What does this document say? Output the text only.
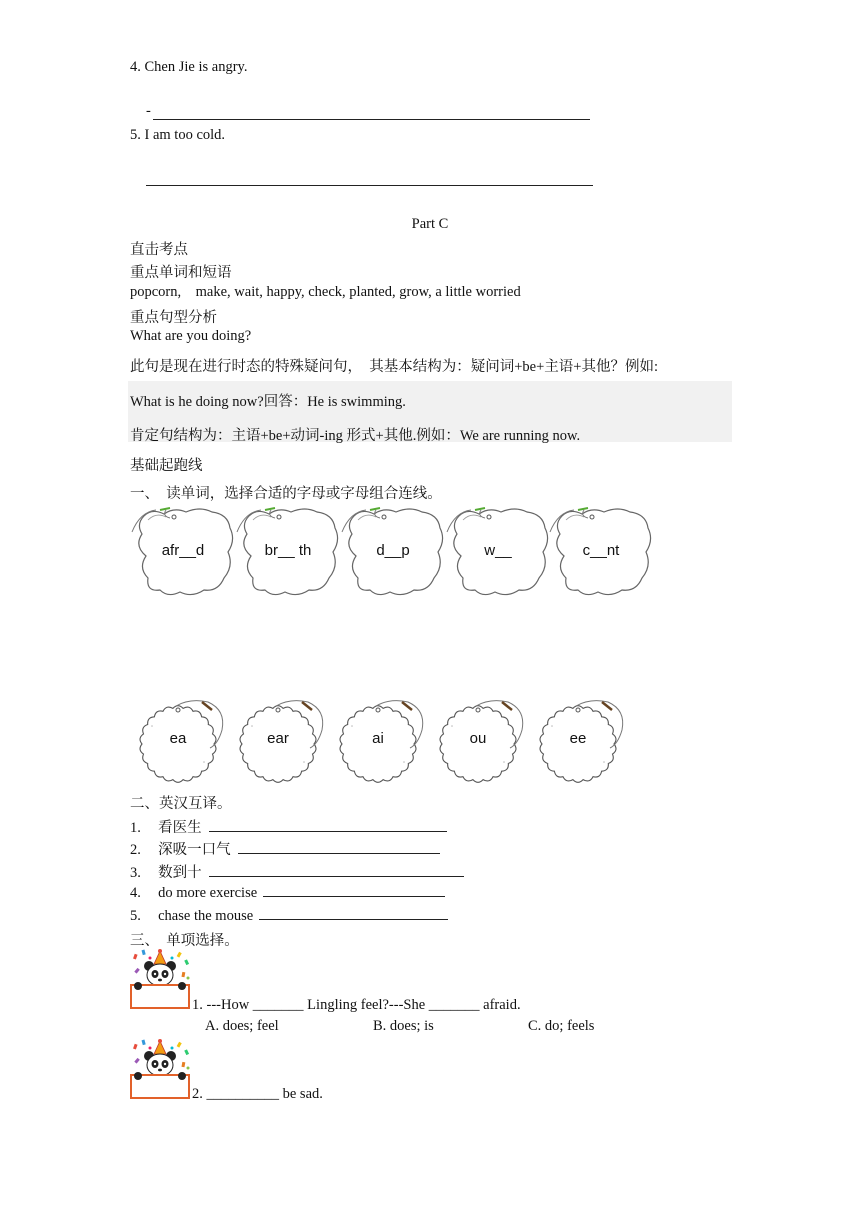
4. Chen Jie is angry.
-
5. I am too cold.
Part C
直击考点
重点单词和短语
popcorn,    make, wait, happy, check, planted, grow, a little worried
重点句型分析
What are you doing?
此句是现在进行时态的特殊疑问句，  其基本结构为：疑问词+be+主语+其他？例如:
What is he doing now?回答：He is swimming.
肯定句结构为：主语+be+动词-ing 形式+其他.例如：We are running now.
基础起跑线
一、  读单词，选择合适的字母或字母组合连线。
afr__d	br__ th	d__p	w__	c__nt
ea	ear	ai	ou	ee
二、英汉互译。
1. 看医生
2. 深吸一口气
3. 数到十
4. do more exercise
5. chase the mouse
三、  单项选择。
1. ---How _______ Lingling feel?---She _______ afraid.
A. does; feel	B. does; is	C. do; feels
2. __________ be sad.
